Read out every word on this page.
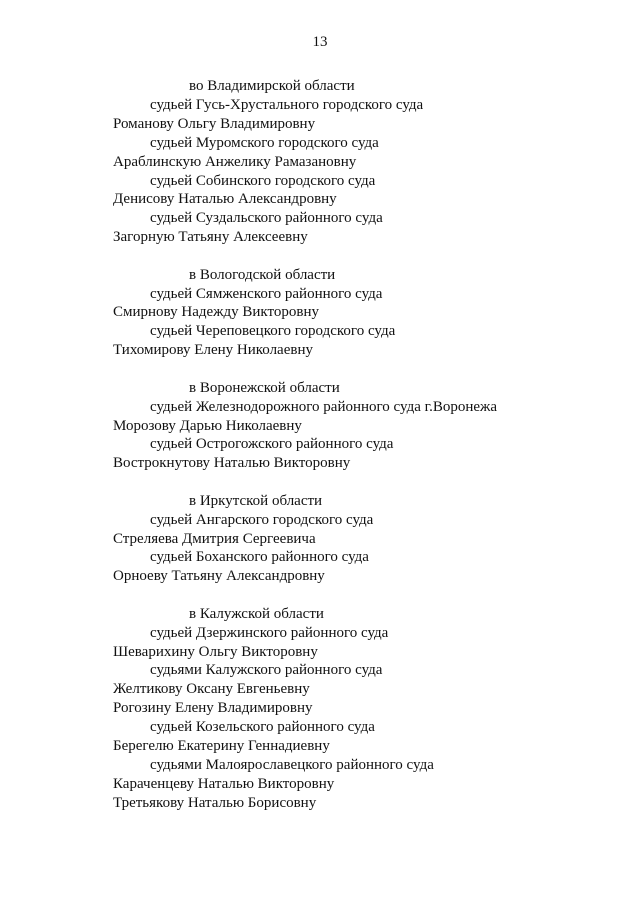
13
во Владимирской области
судьей Гусь-Хрустального городского суда
Романову Ольгу Владимировну
судьей Муромского городского суда
Араблинскую Анжелику Рамазановну
судьей Собинского городского суда
Денисову Наталью Александровну
судьей Суздальского районного суда
Загорную Татьяну Алексеевну
в Вологодской области
судьей Сямженского районного суда
Смирнову Надежду Викторовну
судьей Череповецкого городского суда
Тихомирову Елену Николаевну
в Воронежской области
судьей Железнодорожного районного суда г.Воронежа
Морозову Дарью Николаевну
судьей Острогожского районного суда
Вострокнутову Наталью Викторовну
в Иркутской области
судьей Ангарского городского суда
Стреляева Дмитрия Сергеевича
судьей Боханского районного суда
Орноеву Татьяну Александровну
в Калужской области
судьей Дзержинского районного суда
Шеварихину Ольгу Викторовну
судьями Калужского районного суда
Желтикову Оксану Евгеньевну
Рогозину Елену Владимировну
судьей Козельского районного суда
Берегелю Екатерину Геннадиевну
судьями Малоярославецкого районного суда
Караченцеву Наталью Викторовну
Третьякову Наталью Борисовну
